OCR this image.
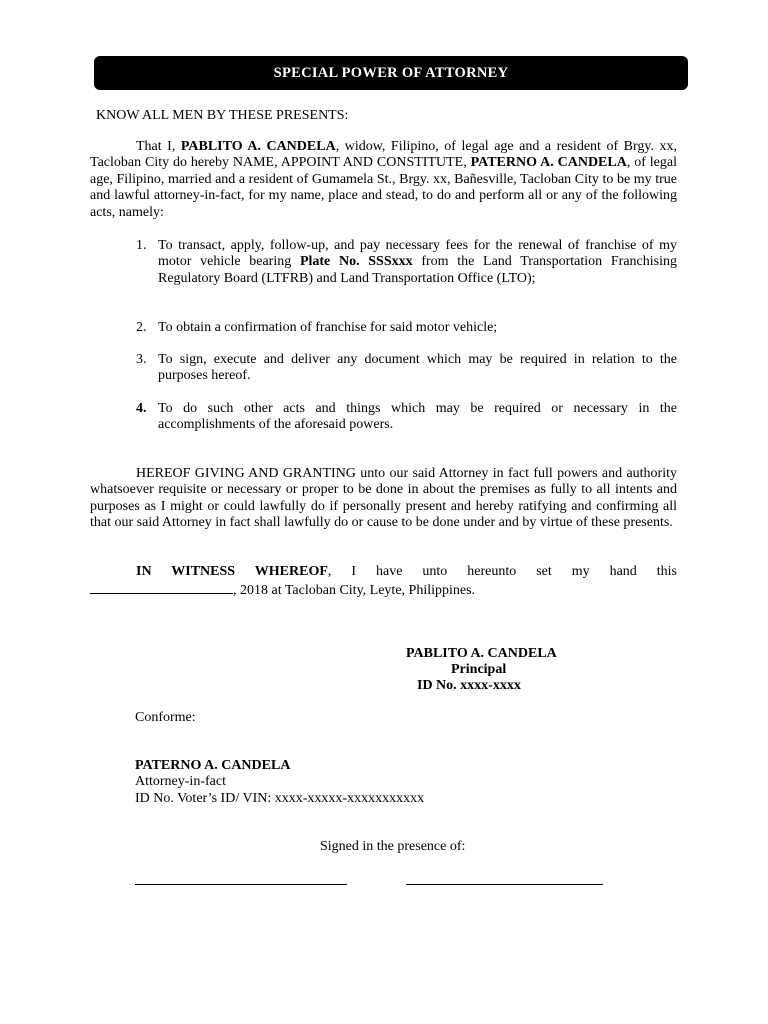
SPECIAL POWER OF ATTORNEY
KNOW ALL MEN BY THESE PRESENTS:
That I, PABLITO A. CANDELA, widow, Filipino, of legal age and a resident of Brgy. xx, Tacloban City do hereby NAME, APPOINT AND CONSTITUTE, PATERNO A. CANDELA, of legal age, Filipino, married and a resident of Gumamela St., Brgy. xx, Bañesville, Tacloban City to be my true and lawful attorney-in-fact, for my name, place and stead, to do and perform all or any of the following acts, namely:
1. To transact, apply, follow-up, and pay necessary fees for the renewal of franchise of my motor vehicle bearing Plate No. SSSxxx from the Land Transportation Franchising Regulatory Board (LTFRB) and Land Transportation Office (LTO);
2. To obtain a confirmation of franchise for said motor vehicle;
3. To sign, execute and deliver any document which may be required in relation to the purposes hereof.
4. To do such other acts and things which may be required or necessary in the accomplishments of the aforesaid powers.
HEREOF GIVING AND GRANTING unto our said Attorney in fact full powers and authority whatsoever requisite or necessary or proper to be done in about the premises as fully to all intents and purposes as I might or could lawfully do if personally present and hereby ratifying and confirming all that our said Attorney in fact shall lawfully do or cause to be done under and by virtue of these presents.
IN WITNESS WHEREOF, I have unto hereunto set my hand this
, 2018 at Tacloban City, Leyte, Philippines.
PABLITO A. CANDELA
Principal
ID No. xxxx-xxxx
Conforme:
PATERNO A. CANDELA
Attorney-in-fact
ID No. Voter’s ID/ VIN: xxxx-xxxxx-xxxxxxxxxxx
Signed in the presence of:
